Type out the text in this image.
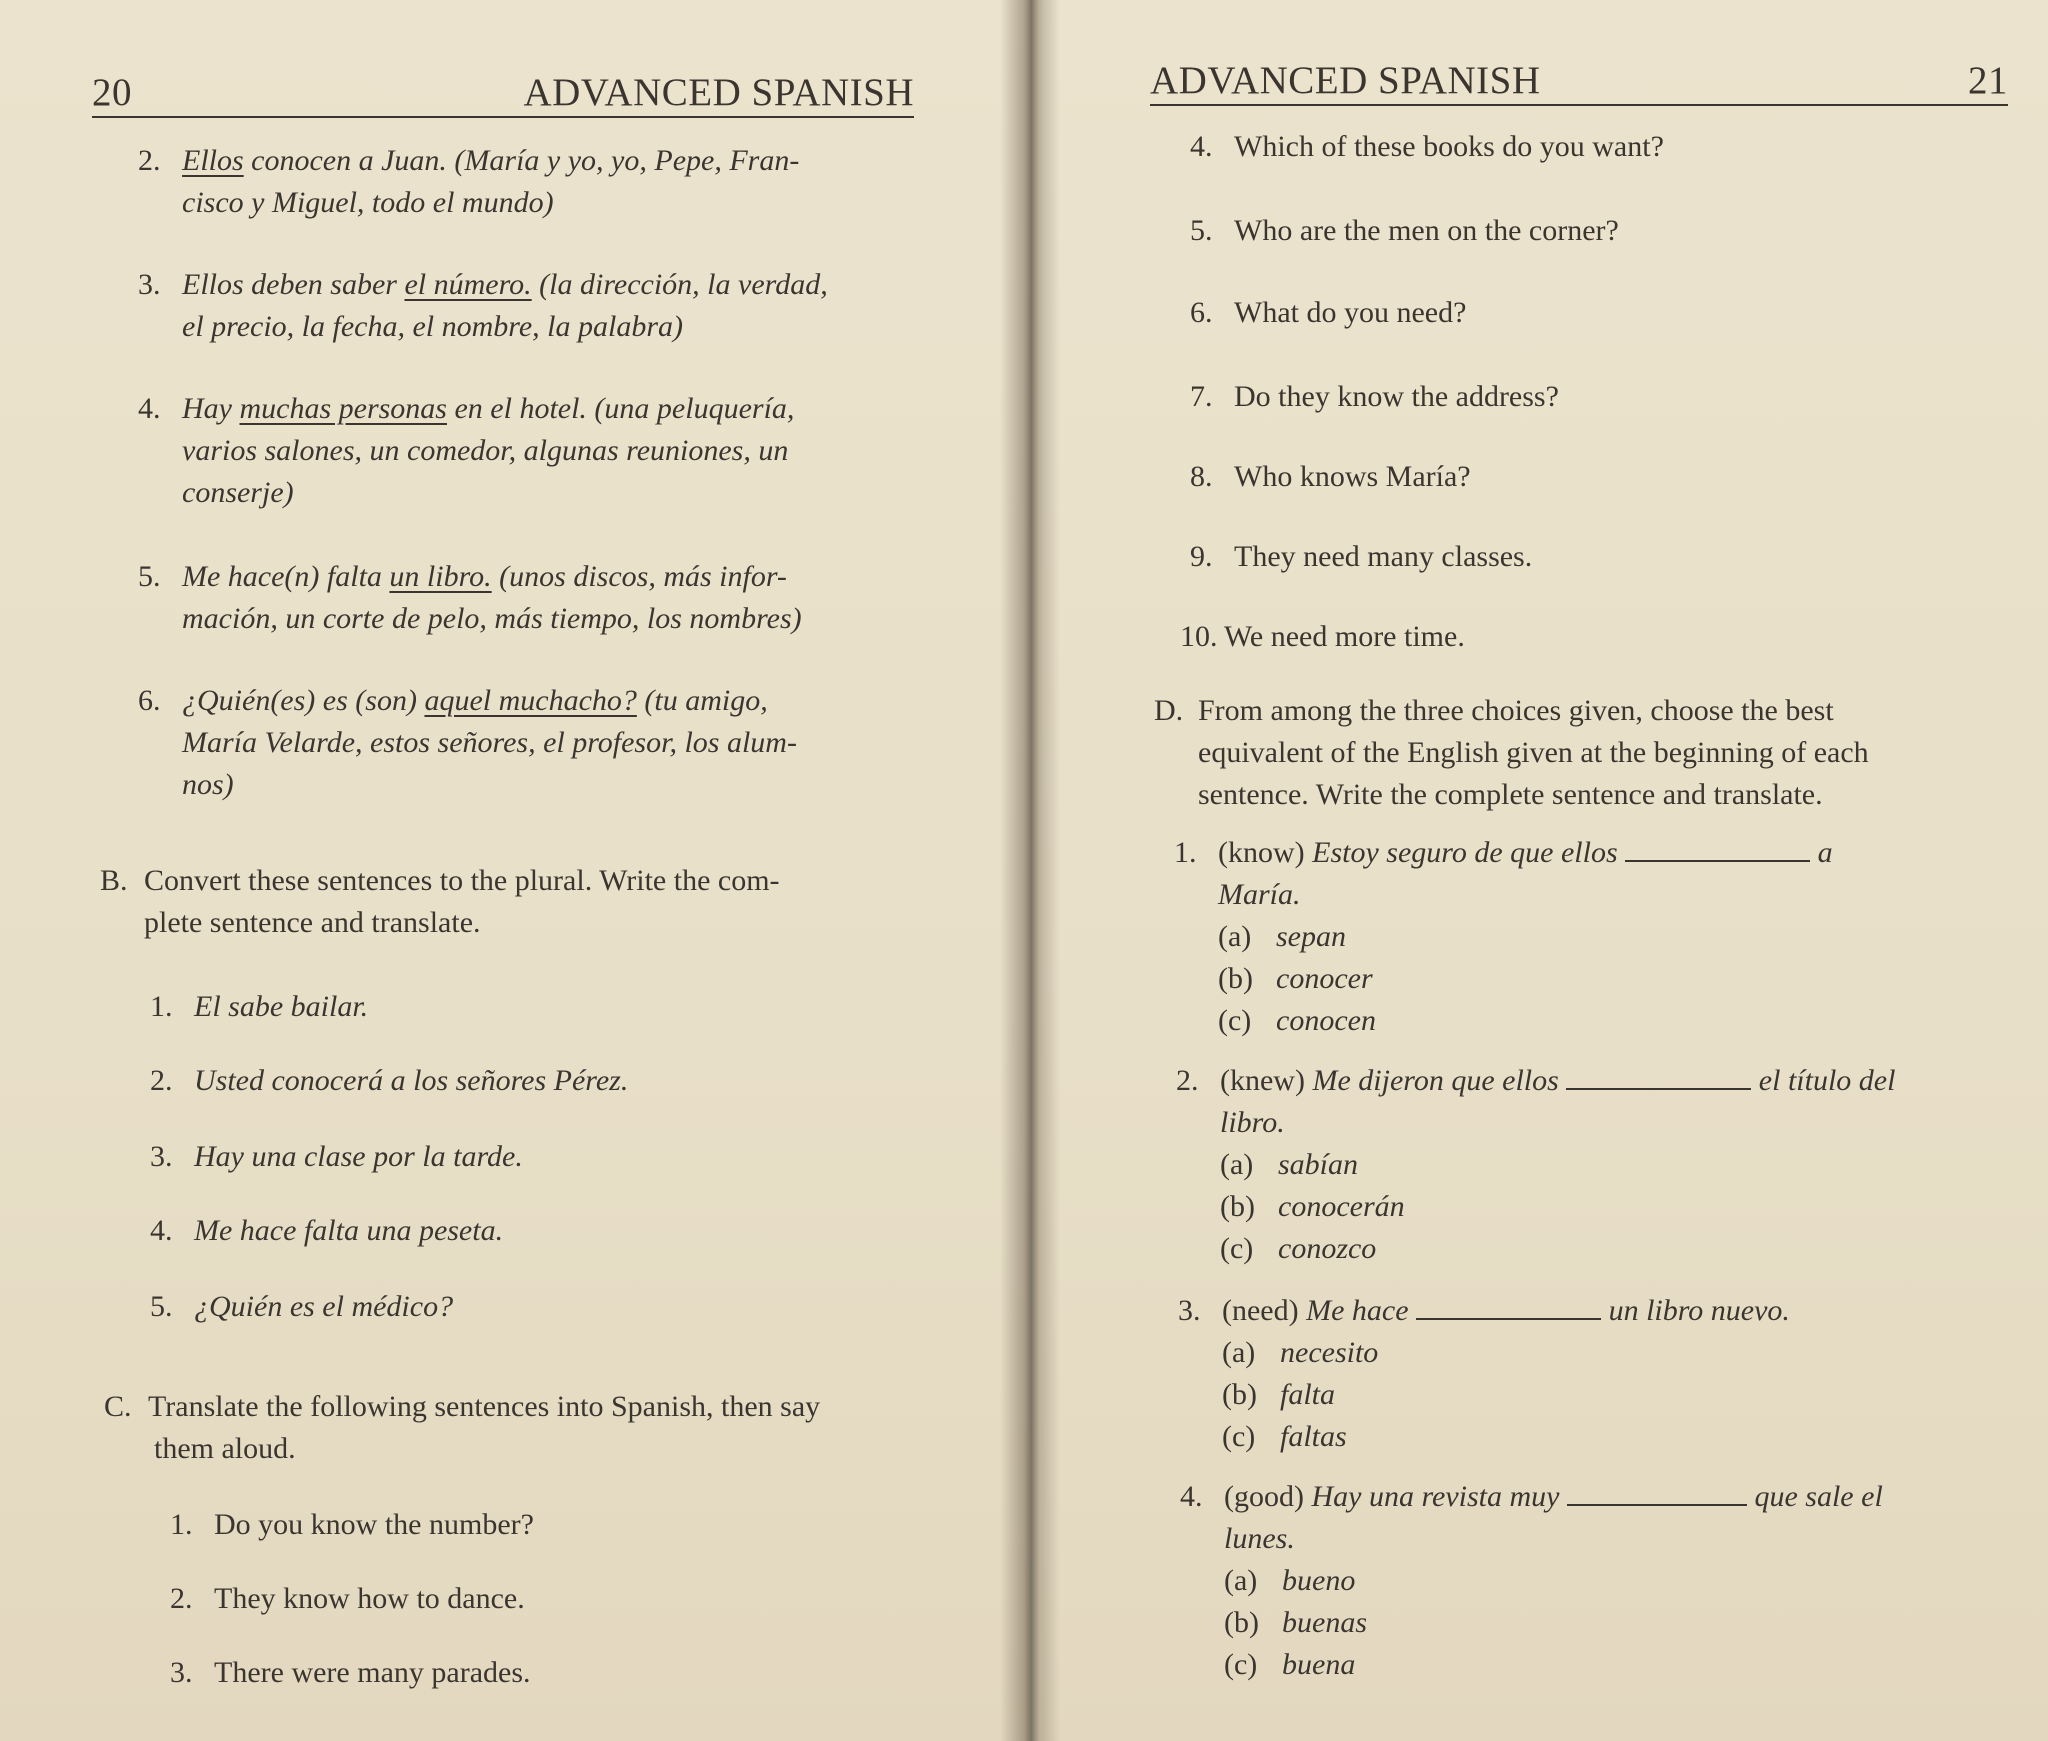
20	ADVANCED SPANISH
2. Ellos conocen a Juan. (María y yo, yo, Pepe, Fran-
cisco y Miguel, todo el mundo)
3. Ellos deben saber el número. (la dirección, la verdad,
el precio, la fecha, el nombre, la palabra)
4. Hay muchas personas en el hotel. (una peluquería,
varios salones, un comedor, algunas reuniones, un
conserje)
5. Me hace(n) falta un libro. (unos discos, más infor-
mación, un corte de pelo, más tiempo, los nombres)
6. ¿Quién(es) es (son) aquel muchacho? (tu amigo,
María Velarde, estos señores, el profesor, los alum-
nos)
B. Convert these sentences to the plural. Write the com-
plete sentence and translate.
1. El sabe bailar.
2. Usted conocerá a los señores Pérez.
3. Hay una clase por la tarde.
4. Me hace falta una peseta.
5. ¿Quién es el médico?
C. Translate the following sentences into Spanish, then say
them aloud.
1. Do you know the number?
2. They know how to dance.
3. There were many parades.
ADVANCED SPANISH	21
4. Which of these books do you want?
5. Who are the men on the corner?
6. What do you need?
7. Do they know the address?
8. Who knows María?
9. They need many classes.
10. We need more time.
D. From among the three choices given, choose the best
equivalent of the English given at the beginning of each
sentence. Write the complete sentence and translate.
1. (know) Estoy seguro de que ellos	a
María.
(a) sepan
(b) conocer
(c) conocen
2. (knew) Me dijeron que ellos	el título del
libro.
(a) sabían
(b) conocerán
(c) conozco
3. (need) Me hace	un libro nuevo.
(a) necesito
(b) falta
(c) faltas
4. (good) Hay una revista muy	que sale el
lunes.
(a) bueno
(b) buenas
(c) buena
